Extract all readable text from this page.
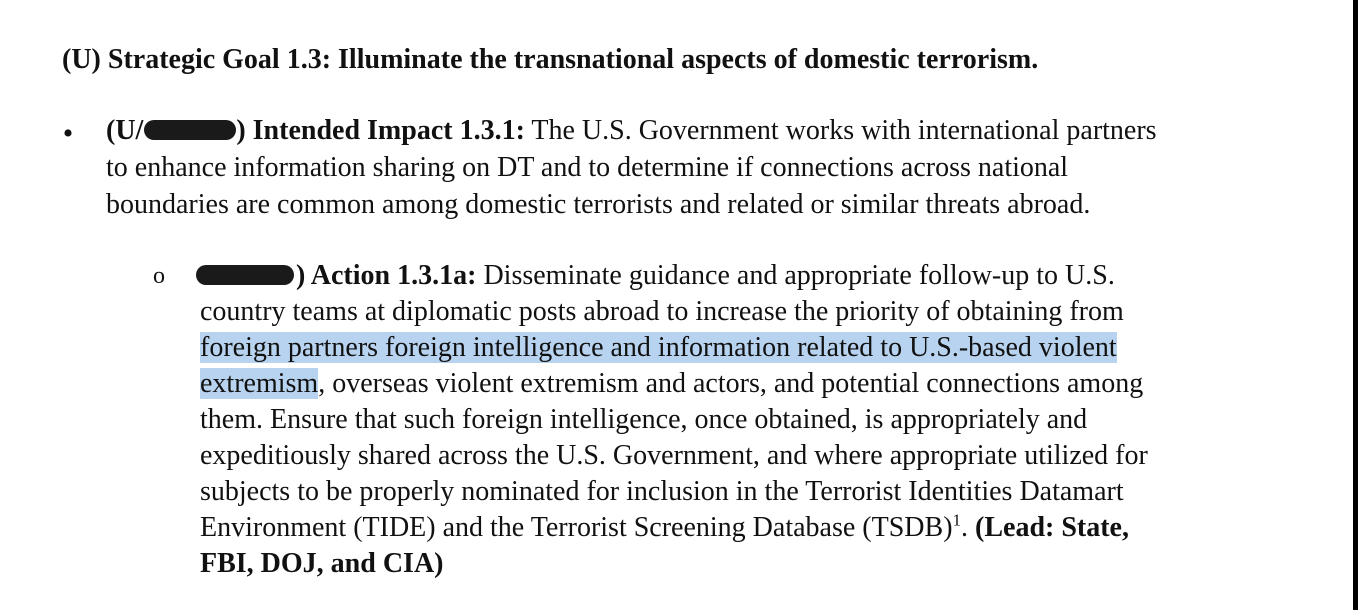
(U) Strategic Goal 1.3: Illuminate the transnational aspects of domestic terrorism.
• (U/	) Intended Impact 1.3.1: The U.S. Government works with international partners
to enhance information sharing on DT and to determine if connections across national
boundaries are common among domestic terrorists and related or similar threats abroad.
o	) Action 1.3.1a: Disseminate guidance and appropriate follow-up to U.S.
country teams at diplomatic posts abroad to increase the priority of obtaining from
foreign partners foreign intelligence and information related to U.S.-based violent
extremism, overseas violent extremism and actors, and potential connections among
them. Ensure that such foreign intelligence, once obtained, is appropriately and
expeditiously shared across the U.S. Government, and where appropriate utilized for
subjects to be properly nominated for inclusion in the Terrorist Identities Datamart
Environment (TIDE) and the Terrorist Screening Database (TSDB)$^1$. (Lead: State,
FBI, DOJ, and CIA)
